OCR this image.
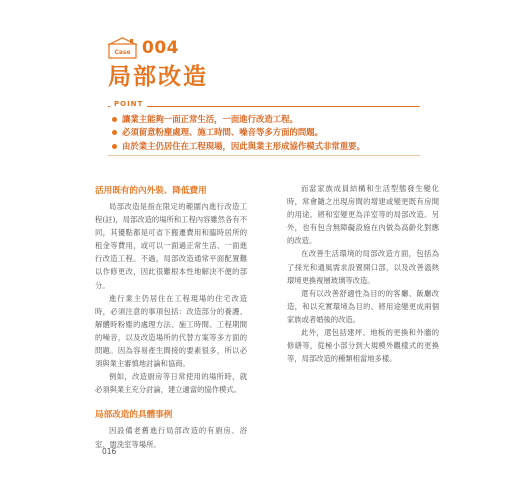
Case 004
局部改造
POINT
讓業主能夠一面正常生活，一面進行改造工程。
必須留意粉塵處理、施工時間、噪音等多方面的問題。
由於業主仍居住在工程現場，因此與業主形成協作模式非常重要。
活用既有的內外裝、降低費用

局部改造是指在限定的範圍內進行改造工程(註)，局部改造的場所和工程內容雖然各有不同，其優點都是可省下搬遷費用和臨時居所的租金等費用，或可以一面過正常生活、一面進行改造工程。不過，局部改造通常平面配置難以作修更改，因此很難根本性地解決不便的部分。

進行業主仍居住在工程現場的住宅改造時，必須注意的事項包括：改造部分的養護、解體時粉塵的處理方法、施工時間、工程期間的噪音，以及改造場所的代替方案等多方面的問題。因為容易產生間接的要素很多，所以必須與業主審慎地討論和協商。

例如，改造廚房等日常使用的場所時，就必須與業主充分討論，建立適當的協作模式。

局部改造的具體事例

因設備老舊進行局部改造的有廚房、浴室、盥洗室等場所。

而當家族成員結構和生活型態發生變化時，常會隨之出現房間的增建或變更既有房間的用途，將和室變更為洋室等的局部改造。另外，也有包含無障礙設施在內做為高齡化對應的改造。

在改善生活環境的局部改造方面，包括為了採光和通風需求設置開口部，以及改善溫熱環境更換複層玻璃等改造。

還有以改善舒適性為目的的客廳、飯廳改造，和以充實環境為目的、將用途變更成兩個家族或者婚後的改造。

此外，還包括建坪、地板的更換和外牆的修繕等，從極小部分到大規模外觀樣式的更換等，局部改造的種類相當地多樣。

016
